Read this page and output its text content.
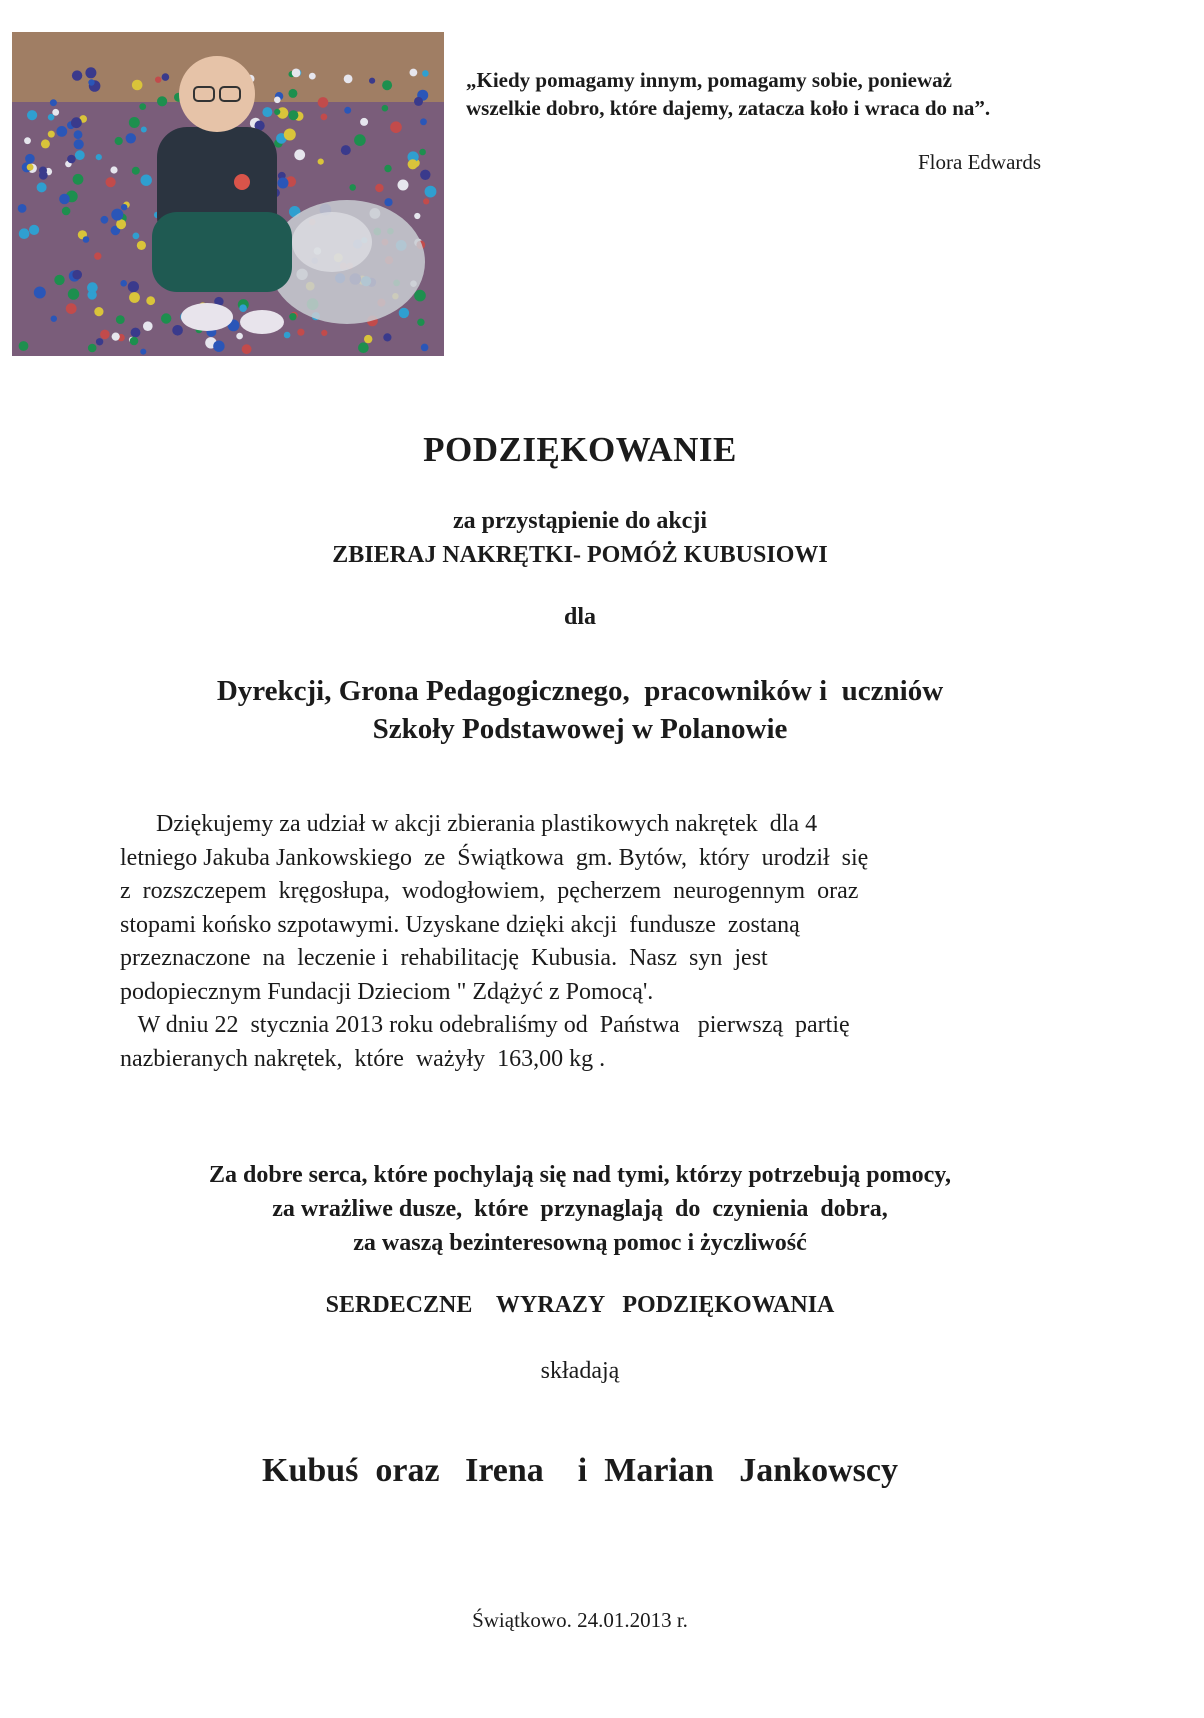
„Kiedy pomagamy innym, pomagamy sobie, ponieważ
wszelkie dobro, które dajemy, zatacza koło i wraca do na”.
Flora Edwards
PODZIĘKOWANIE
za przystąpienie do akcji
ZBIERAJ NAKRĘTKI- POMÓŻ KUBUSIOWI
dla
Dyrekcji, Grona Pedagogicznego,  pracowników i  uczniów
Szkoły Podstawowej w Polanowie
Dziękujemy za udział w akcji zbierania plastikowych nakrętek  dla 4
letniego Jakuba Jankowskiego  ze  Świątkowa  gm. Bytów,  który  urodził  się
z  rozszczepem  kręgosłupa,  wodogłowiem,  pęcherzem  neurogennym  oraz
stopami końsko szpotawymi. Uzyskane dzięki akcji  fundusze  zostaną
przeznaczone  na  leczenie i  rehabilitację  Kubusia.  Nasz  syn  jest
podopiecznym Fundacji Dzieciom " Zdążyć z Pomocą'.
W dniu 22  stycznia 2013 roku odebraliśmy od  Państwa   pierwszą  partię
nazbieranych nakrętek,  które  ważyły  163,00 kg .
Za dobre serca, które pochylają się nad tymi, którzy potrzebują pomocy,
za wrażliwe dusze,  które  przynaglają  do  czynienia  dobra,
za waszą bezinteresowną pomoc i życzliwość
SERDECZNE    WYRAZY   PODZIĘKOWANIA
składają
Kubuś  oraz   Irena    i  Marian   Jankowscy
Świątkowo. 24.01.2013 r.
